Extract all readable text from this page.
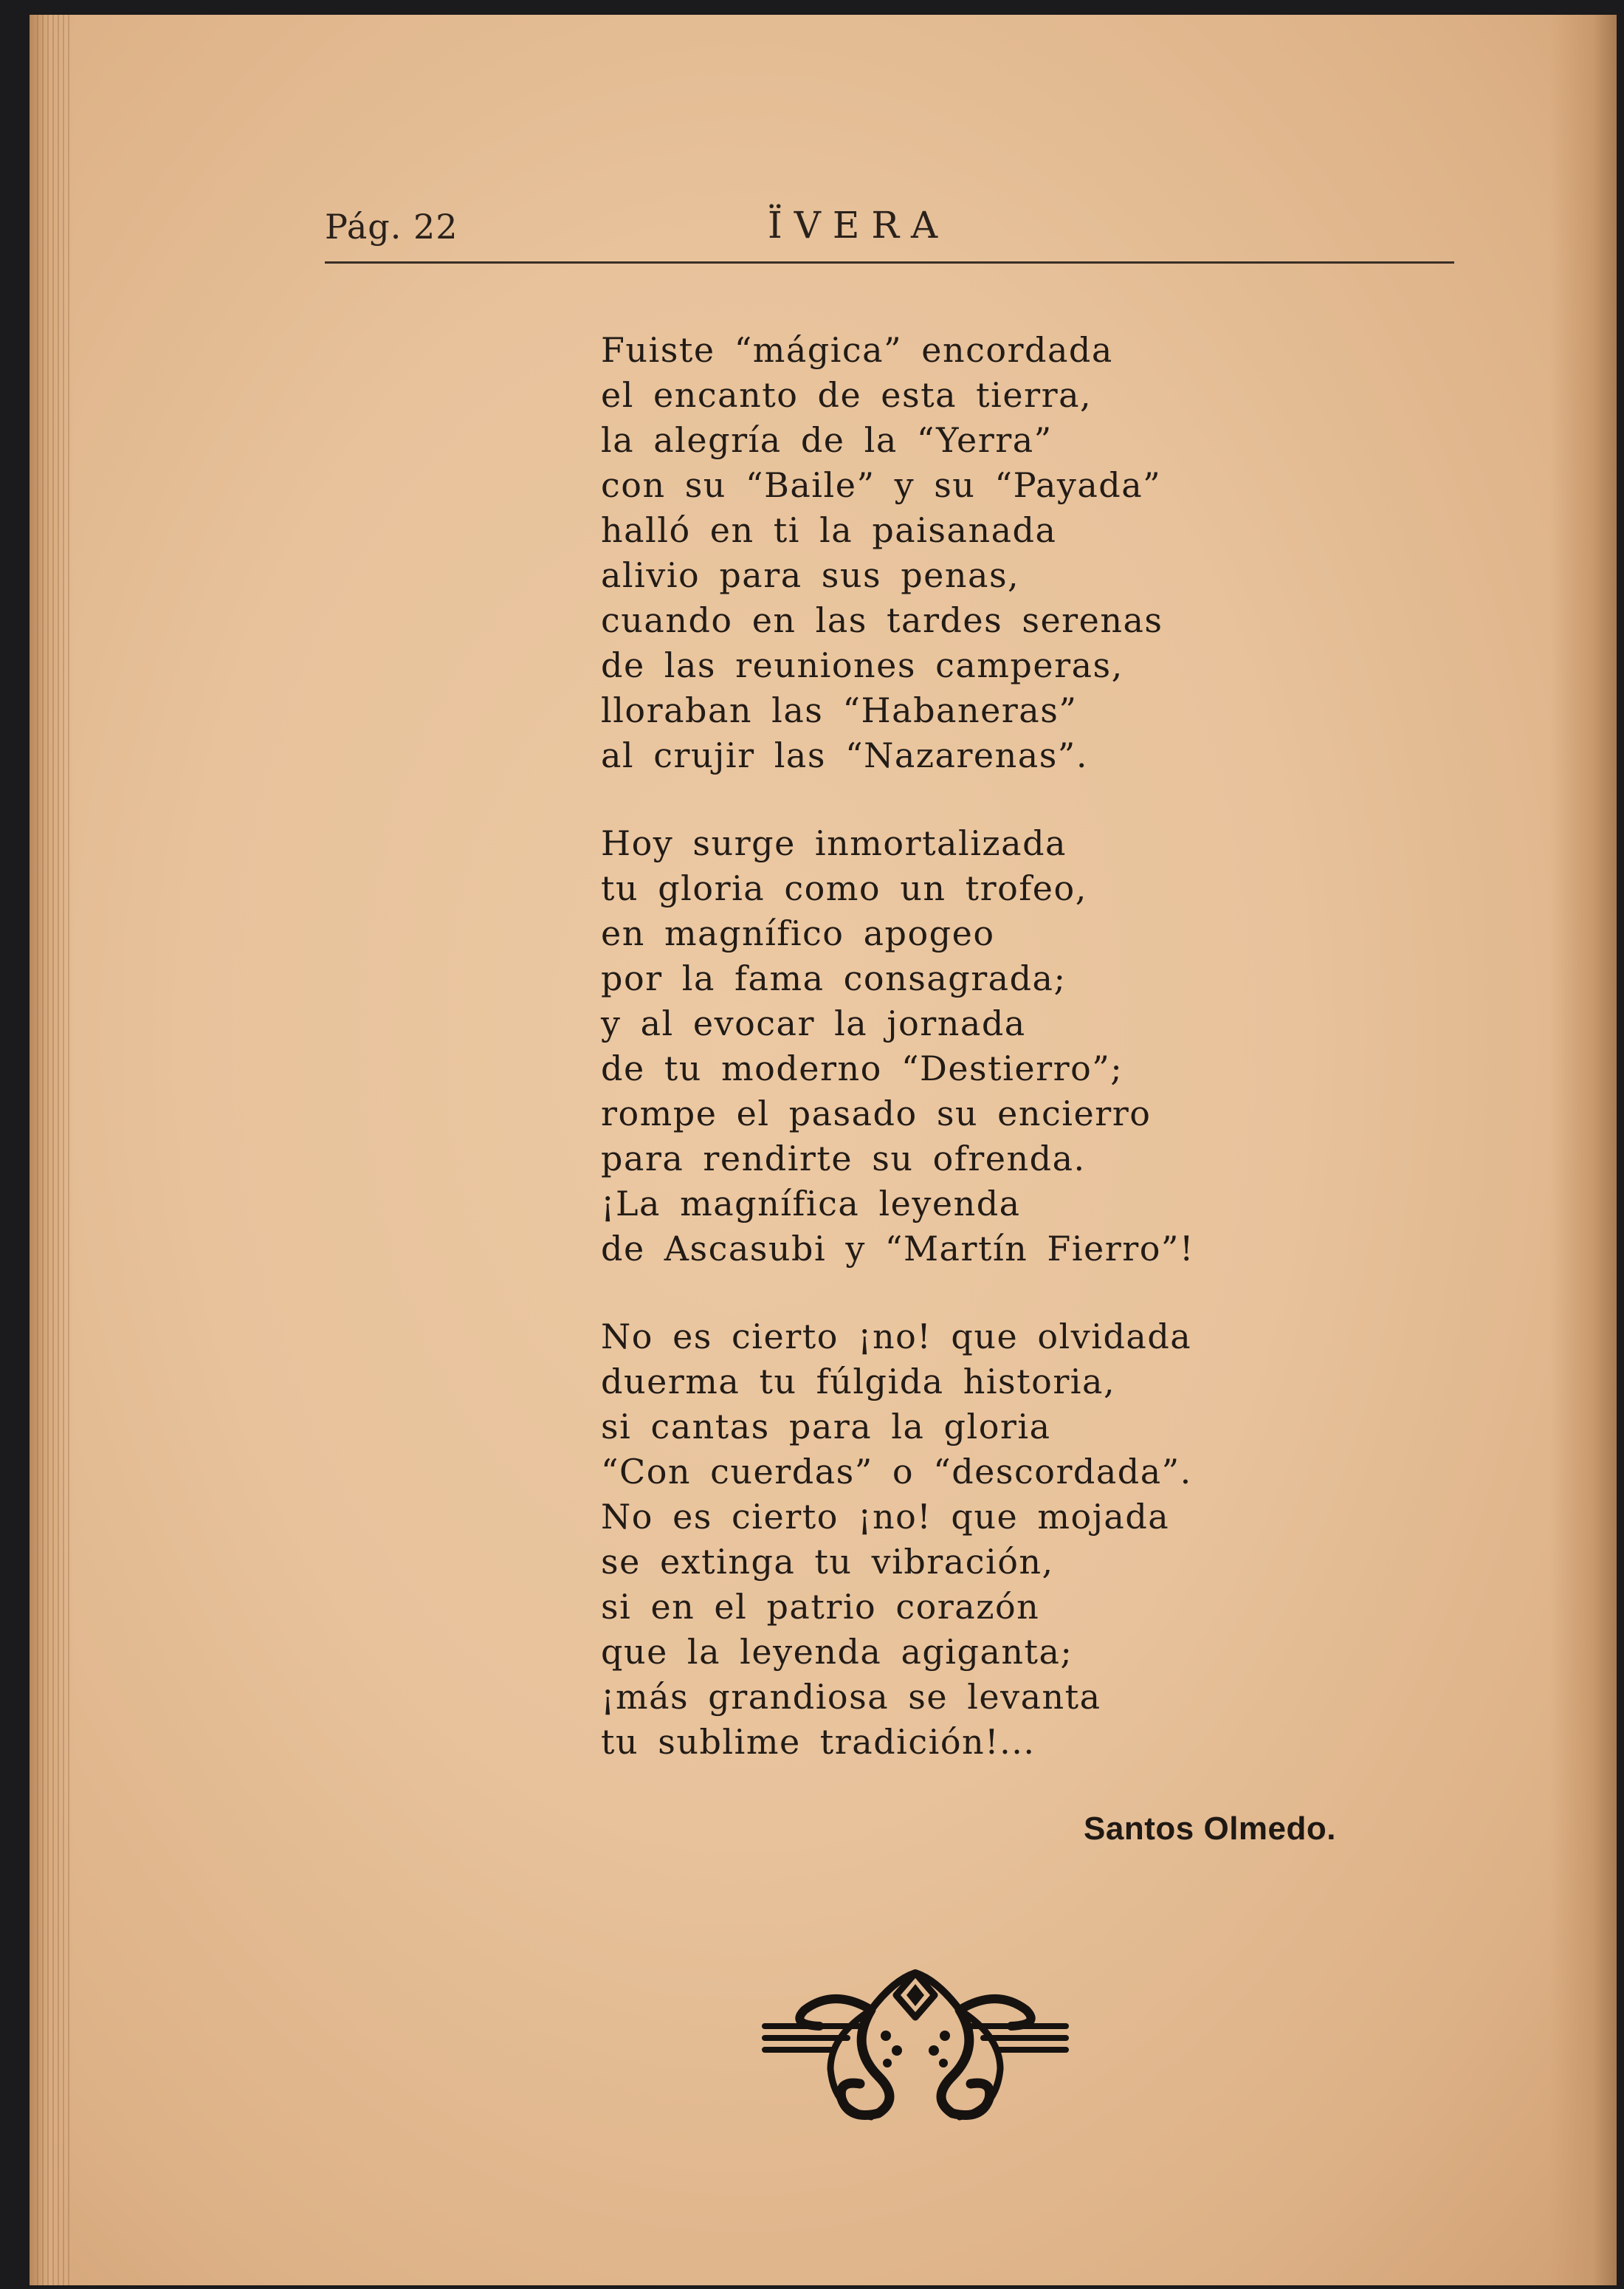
Pág. 22	ÏVERA
Fuiste “mágica” encordada
el encanto de esta tierra,
la alegría de la “Yerra”
con su “Baile” y su “Payada”
halló en ti la paisanada
alivio para sus penas,
cuando en las tardes serenas
de las reuniones camperas,
lloraban las “Habaneras”
al crujir las “Nazarenas”.
Hoy surge inmortalizada
tu gloria como un trofeo,
en magnífico apogeo
por la fama consagrada;
y al evocar la jornada
de tu moderno “Destierro”;
rompe el pasado su encierro
para rendirte su ofrenda.
¡La magnífica leyenda
de Ascasubi y “Martín Fierro”!
No es cierto ¡no! que olvidada
duerma tu fúlgida historia,
si cantas para la gloria
“Con cuerdas” o “descordada”.
No es cierto ¡no! que mojada
se extinga tu vibración,
si en el patrio corazón
que la leyenda agiganta;
¡más grandiosa se levanta
tu sublime tradición!...
Santos Olmedo.
